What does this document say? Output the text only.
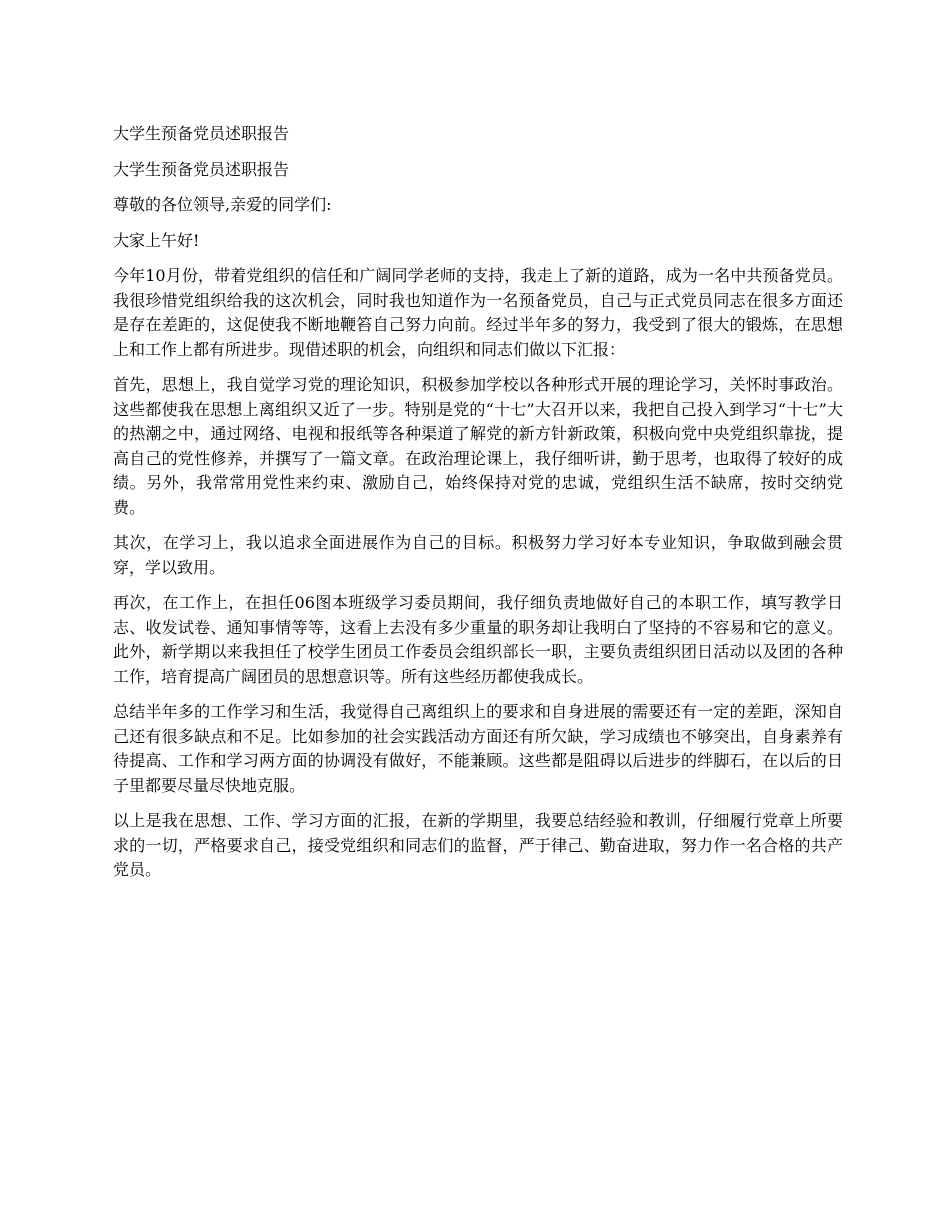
大学生预备党员述职报告

大学生预备党员述职报告

尊敬的各位领导,亲爱的同学们:

大家上午好!

今年10月份，带着党组织的信任和广阔同学老师的支持，我走上了新的道路，成为一名中共预备党员。我很珍惜党组织给我的这次机会，同时我也知道作为一名预备党员，自己与正式党员同志在很多方面还是存在差距的，这促使我不断地鞭笞自己努力向前。经过半年多的努力，我受到了很大的锻炼，在思想上和工作上都有所进步。现借述职的机会，向组织和同志们做以下汇报：

首先，思想上，我自觉学习党的理论知识，积极参加学校以各种形式开展的理论学习，关怀时事政治。这些都使我在思想上离组织又近了一步。特别是党的“十七”大召开以来，我把自己投入到学习“十七”大的热潮之中，通过网络、电视和报纸等各种渠道了解党的新方针新政策，积极向党中央党组织靠拢，提高自己的党性修养，并撰写了一篇文章。在政治理论课上，我仔细听讲，勤于思考，也取得了较好的成绩。另外，我常常用党性来约束、激励自己，始终保持对党的忠诚，党组织生活不缺席，按时交纳党费。

其次，在学习上，我以追求全面进展作为自己的目标。积极努力学习好本专业知识，争取做到融会贯穿，学以致用。

再次，在工作上，在担任06图本班级学习委员期间，我仔细负责地做好自己的本职工作，填写教学日志、收发试卷、通知事情等等，这看上去没有多少重量的职务却让我明白了坚持的不容易和它的意义。此外，新学期以来我担任了校学生团员工作委员会组织部长一职，主要负责组织团日活动以及团的各种工作，培育提高广阔团员的思想意识等。所有这些经历都使我成长。

总结半年多的工作学习和生活，我觉得自己离组织上的要求和自身进展的需要还有一定的差距，深知自己还有很多缺点和不足。比如参加的社会实践活动方面还有所欠缺，学习成绩也不够突出，自身素养有待提高、工作和学习两方面的协调没有做好，不能兼顾。这些都是阻碍以后进步的绊脚石，在以后的日子里都要尽量尽快地克服。

以上是我在思想、工作、学习方面的汇报，在新的学期里，我要总结经验和教训，仔细履行党章上所要求的一切，严格要求自己，接受党组织和同志们的监督，严于律己、勤奋进取，努力作一名合格的共产党员。
